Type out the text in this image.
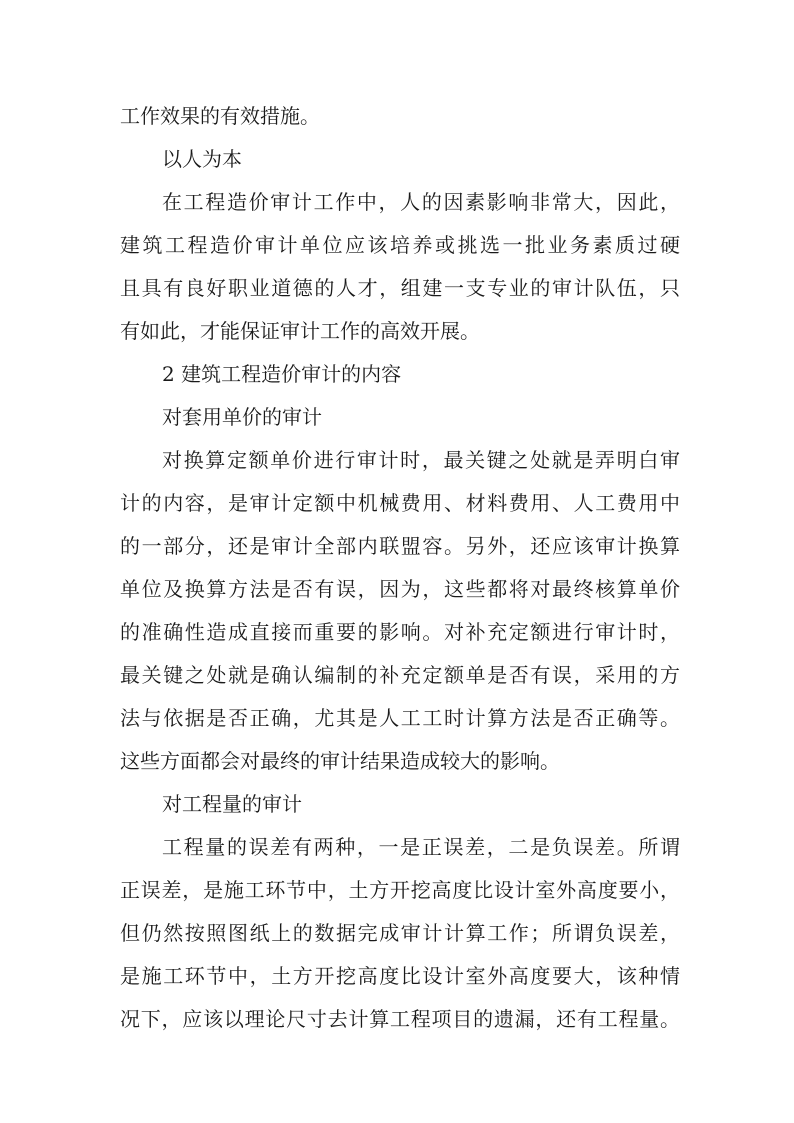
工作效果的有效措施。
以人为本
在工程造价审计工作中，人的因素影响非常大，因此，
建筑工程造价审计单位应该培养或挑选一批业务素质过硬
且具有良好职业道德的人才，组建一支专业的审计队伍，只
有如此，才能保证审计工作的高效开展。
2 建筑工程造价审计的内容
对套用单价的审计
对换算定额单价进行审计时，最关键之处就是弄明白审
计的内容，是审计定额中机械费用、材料费用、人工费用中
的一部分，还是审计全部内联盟容。另外，还应该审计换算
单位及换算方法是否有误，因为，这些都将对最终核算单价
的准确性造成直接而重要的影响。对补充定额进行审计时，
最关键之处就是确认编制的补充定额单是否有误，采用的方
法与依据是否正确，尤其是人工工时计算方法是否正确等。
这些方面都会对最终的审计结果造成较大的影响。
对工程量的审计
工程量的误差有两种，一是正误差，二是负误差。所谓
正误差，是施工环节中，土方开挖高度比设计室外高度要小，
但仍然按照图纸上的数据完成审计计算工作；所谓负误差，
是施工环节中，土方开挖高度比设计室外高度要大，该种情
况下，应该以理论尺寸去计算工程项目的遗漏，还有工程量。
